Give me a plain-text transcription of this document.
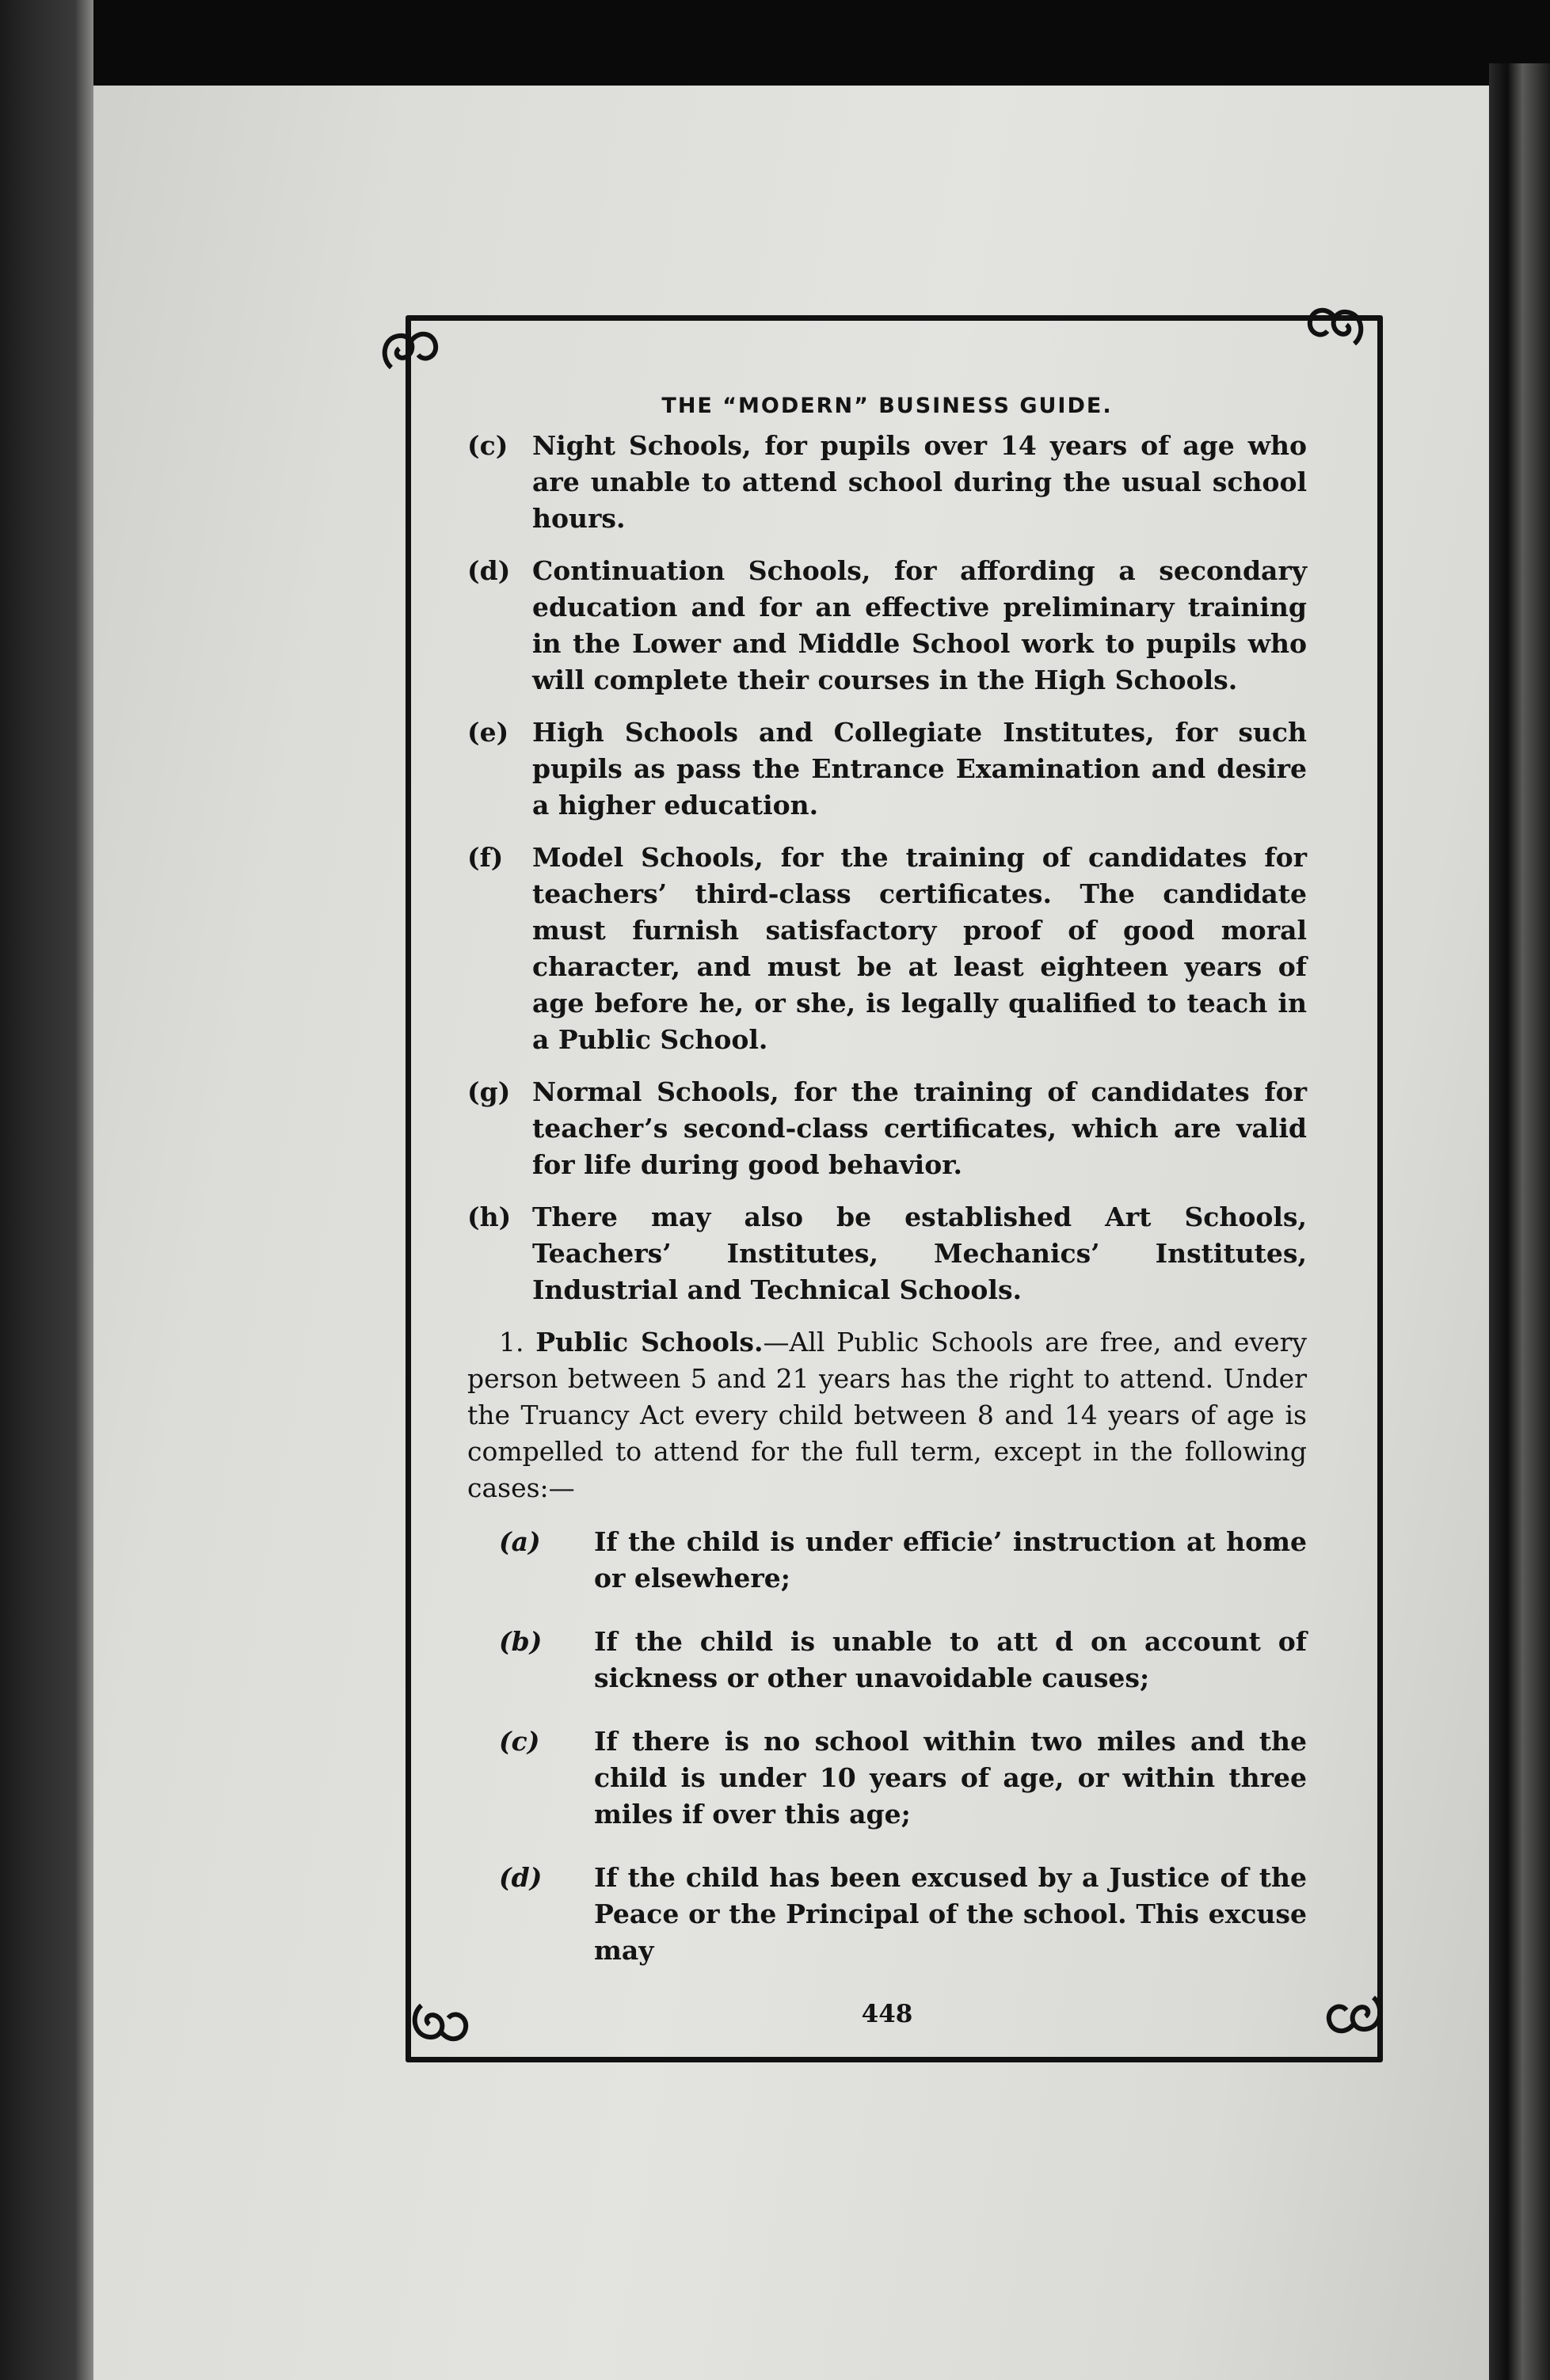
THE “MODERN” BUSINESS GUIDE.
(c) Night Schools, for pupils over 14 years of age who are unable to attend school during the usual school hours.
(d) Continuation Schools, for affording a secondary education and for an effective preliminary training in the Lower and Middle School work to pupils who will complete their courses in the High Schools.
(e) High Schools and Collegiate Institutes, for such pupils as pass the Entrance Examination and desire a higher education.
(f)	Model Schools, for the training of candidates for teachers’ third-class certificates. The candidate must furnish satisfactory proof of good moral character, and must be at least eighteen years of age before he, or she, is legally qualified to teach in a Public School.
(g) Normal Schools, for the training of candidates for teacher’s second-class certificates, which are valid for life during good behavior.
(h) There may also be established Art Schools, Teachers’ Institutes, Mechanics’ Institutes, Industrial and Technical Schools.
1. Public Schools.—All Public Schools are free, and every person between 5 and 21 years has the right to attend. Under the Truancy Act every child between 8 and 14 years of age is compelled to attend for the full term, except in the following cases:—
(a)	If the child is under efficie’ instruction at home or elsewhere;
(b)	If the child is unable to att d on account of sickness or other unavoidable causes;
(c)	If there is no school within two miles and the child is under 10 years of age, or within three miles if over this age;
(d)	If the child has been excused by a Justice of the Peace or the Principal of the school. This excuse may
448
